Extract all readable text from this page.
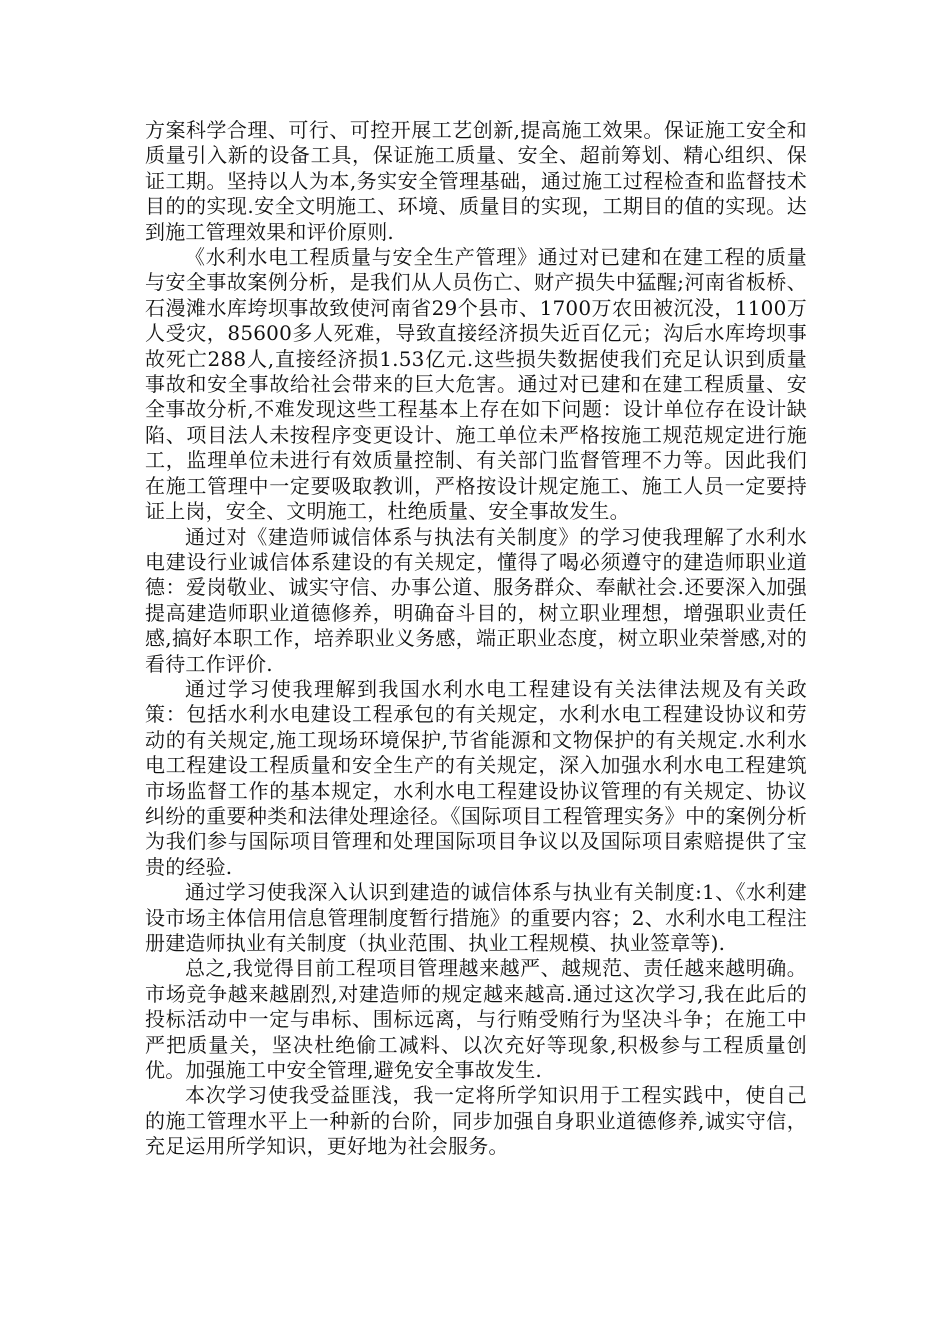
方案科学合理、可行、可控开展工艺创新,提高施工效果。保证施工安全和质量引入新的设备工具，保证施工质量、安全、超前筹划、精心组织、保证工期。坚持以人为本,务实安全管理基础，通过施工过程检查和监督技术目的的实现.安全文明施工、环境、质量目的实现，工期目的值的实现。达到施工管理效果和评价原则.

《水利水电工程质量与安全生产管理》通过对已建和在建工程的质量与安全事故案例分析，是我们从人员伤亡、财产损失中猛醒;河南省板桥、石漫滩水库垮坝事故致使河南省29个县市、1700万农田被沉没，1100万人受灾，85600多人死难，导致直接经济损失近百亿元；沟后水库垮坝事故死亡288人,直接经济损1.53亿元.这些损失数据使我们充足认识到质量事故和安全事故给社会带来的巨大危害。通过对已建和在建工程质量、安全事故分析,不难发现这些工程基本上存在如下问题：设计单位存在设计缺陷、项目法人未按程序变更设计、施工单位未严格按施工规范规定进行施工，监理单位未进行有效质量控制、有关部门监督管理不力等。因此我们在施工管理中一定要吸取教训，严格按设计规定施工、施工人员一定要持证上岗，安全、文明施工，杜绝质量、安全事故发生。

通过对《建造师诚信体系与执法有关制度》的学习使我理解了水利水电建设行业诚信体系建设的有关规定，懂得了喝必须遵守的建造师职业道德：爱岗敬业、诚实守信、办事公道、服务群众、奉献社会.还要深入加强提高建造师职业道德修养，明确奋斗目的，树立职业理想，增强职业责任感,搞好本职工作，培养职业义务感，端正职业态度，树立职业荣誉感,对的看待工作评价.

通过学习使我理解到我国水利水电工程建设有关法律法规及有关政策：包括水利水电建设工程承包的有关规定，水利水电工程建设协议和劳动的有关规定,施工现场环境保护,节省能源和文物保护的有关规定.水利水电工程建设工程质量和安全生产的有关规定，深入加强水利水电工程建筑市场监督工作的基本规定，水利水电工程建设协议管理的有关规定、协议纠纷的重要种类和法律处理途径。《国际项目工程管理实务》中的案例分析为我们参与国际项目管理和处理国际项目争议以及国际项目索赔提供了宝贵的经验.

通过学习使我深入认识到建造的诚信体系与执业有关制度:1、《水利建设市场主体信用信息管理制度暂行措施》的重要内容；2、水利水电工程注册建造师执业有关制度（执业范围、执业工程规模、执业签章等).

总之,我觉得目前工程项目管理越来越严、越规范、责任越来越明确。市场竞争越来越剧烈,对建造师的规定越来越高.通过这次学习,我在此后的投标活动中一定与串标、围标远离，与行贿受贿行为坚决斗争；在施工中严把质量关，坚决杜绝偷工减料、以次充好等现象,积极参与工程质量创优。加强施工中安全管理,避免安全事故发生.

本次学习使我受益匪浅，我一定将所学知识用于工程实践中，使自己的施工管理水平上一种新的台阶，同步加强自身职业道德修养,诚实守信，充足运用所学知识，更好地为社会服务。
